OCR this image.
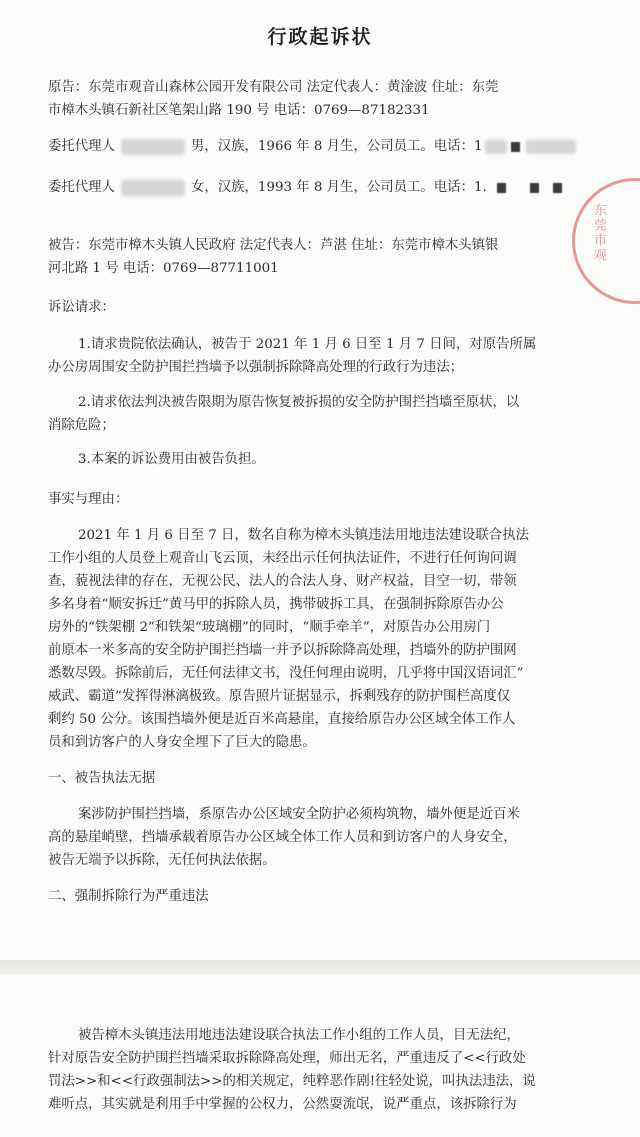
行政起诉状
原告：东莞市观音山森林公园开发有限公司 法定代表人：黄淦波 住址：东莞
市樟木头镇石新社区笔架山路 190 号 电话：0769—87182331
委托代理人	男，汉族，1966 年 8 月生，公司员工。电话：1
委托代理人	女，汉族，1993 年 8 月生，公司员工。电话：1.
被告：东莞市樟木头镇人民政府 法定代表人：芦湛 住址：东莞市樟木头镇银
河北路 1 号 电话：0769—87711001
诉讼请求：
1.请求贵院依法确认，被告于 2021 年 1 月 6 日至 1 月 7 日间，对原告所属
办公房周围安全防护围拦挡墙予以强制拆除降高处理的行政行为违法；
2.请求依法判决被告限期为原告恢复被拆损的安全防护围拦挡墙至原状，以
消除危险；
3.本案的诉讼费用由被告负担。
事实与理由：
2021 年 1 月 6 日至 7 日，数名自称为樟木头镇违法用地违法建设联合执法
工作小组的人员登上观音山飞云顶，未经出示任何执法证件，不进行任何询问调
查，藐视法律的存在，无视公民、法人的合法人身、财产权益，目空一切，带领
多名身着“顺安拆迁”黄马甲的拆除人员，携带破拆工具，在强制拆除原告办公
房外的“铁架棚 2”和铁架“玻璃棚”的同时，“顺手牵羊”，对原告办公用房门
前原本一米多高的安全防护围拦挡墙一并予以拆除降高处理，挡墙外的防护围网
悉数尽毁。拆除前后，无任何法律文书，没任何理由说明，几乎将中国汉语词汇”
威武、霸道”发挥得淋漓极致。原告照片证据显示，拆剩残存的防护围栏高度仅
剩约 50 公分。该围挡墙外便是近百米高悬崖，直接给原告办公区域全体工作人
员和到访客户的人身安全埋下了巨大的隐患。
一、被告执法无据
案涉防护围拦挡墙，系原告办公区域安全防护必须构筑物，墙外便是近百米
高的悬崖峭壁，挡墙承载着原告办公区域全体工作人员和到访客户的人身安全，
被告无端予以拆除，无任何执法依据。
二、强制拆除行为严重违法
东莞市观
被告樟木头镇违法用地违法建设联合执法工作小组的工作人员，目无法纪，
针对原告安全防护围拦挡墙采取拆除降高处理，师出无名，严重违反了<<行政处
罚法>>和<<行政强制法>>的相关规定，纯粹恶作剧!往轻处说，叫执法违法，说
难听点，其实就是利用手中掌握的公权力，公然耍流氓，说严重点，该拆除行为
